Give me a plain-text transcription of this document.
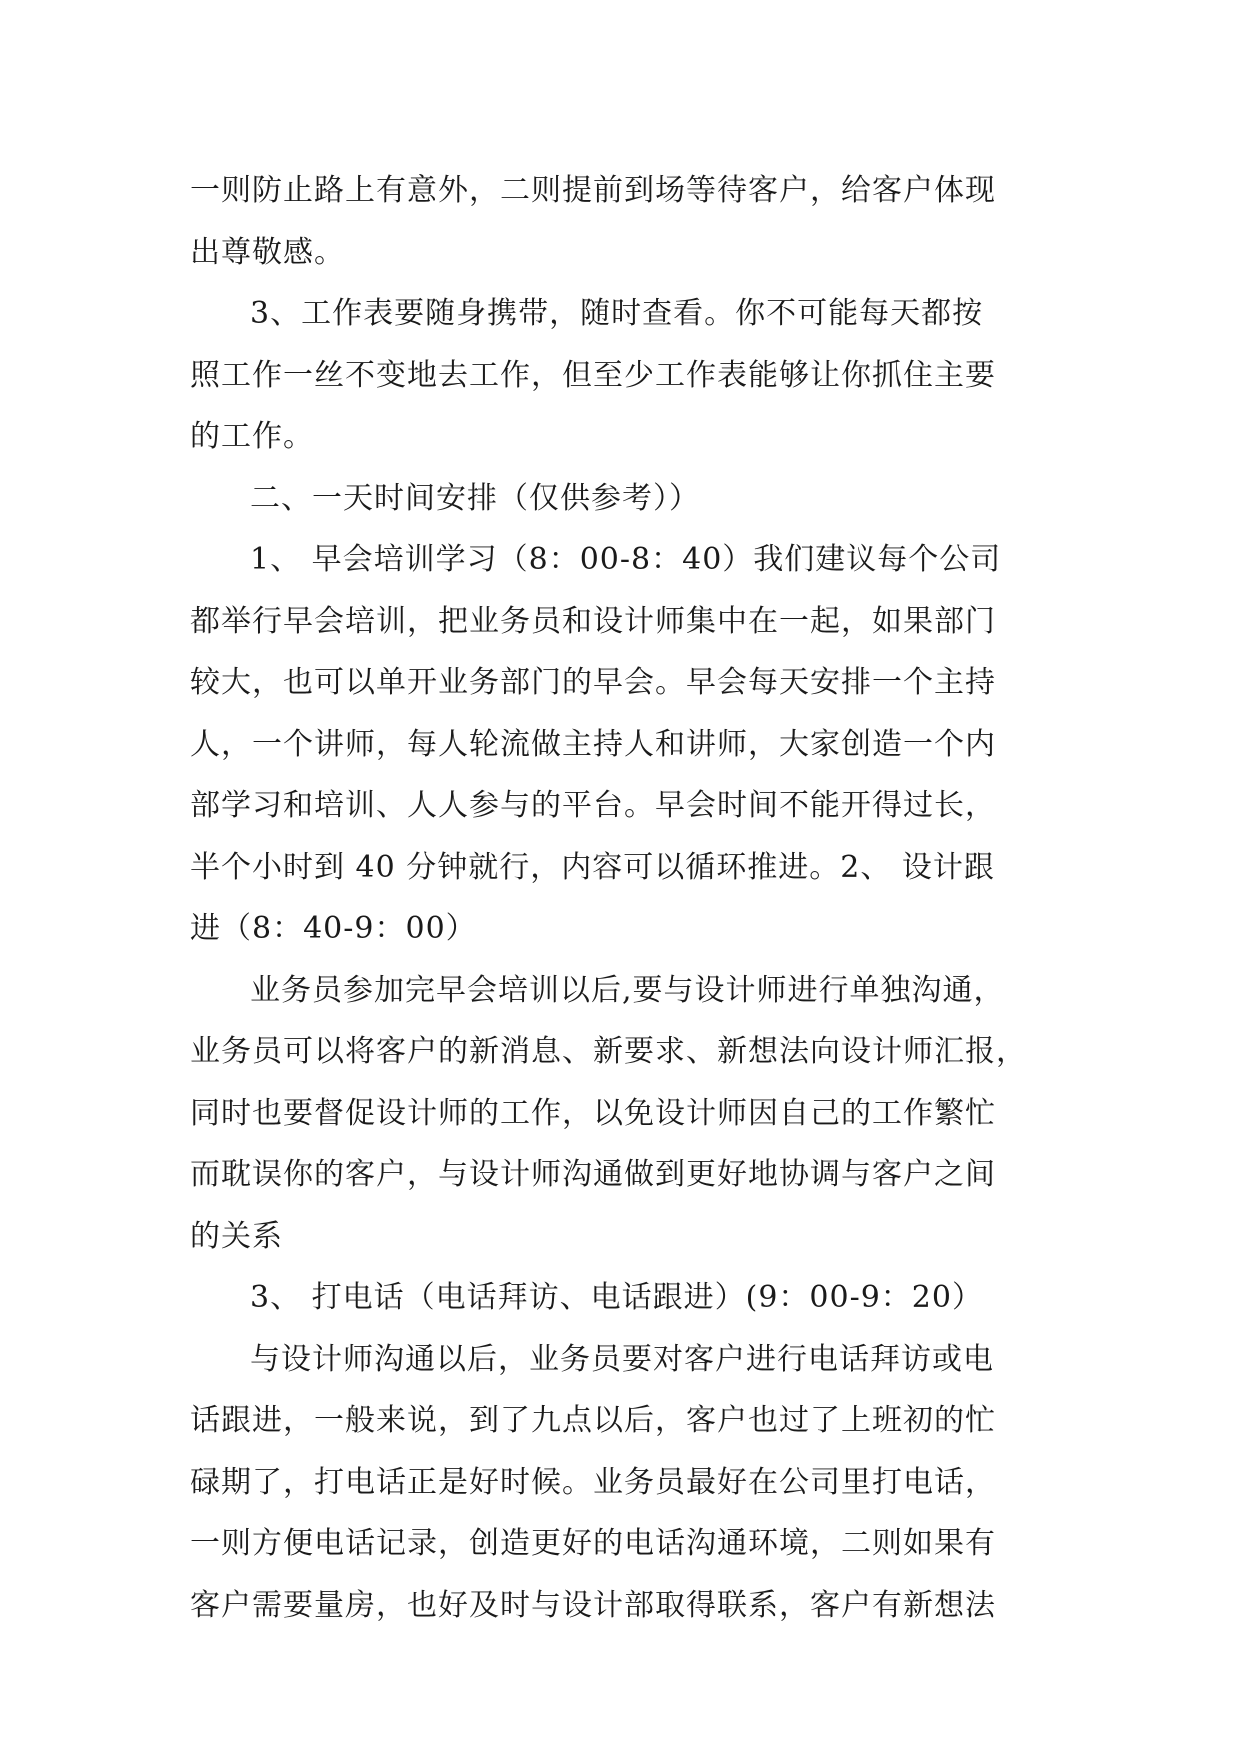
一则防止路上有意外，二则提前到场等待客户，给客户体现
出尊敬感。

3、工作表要随身携带，随时查看。你不可能每天都按
照工作一丝不变地去工作，但至少工作表能够让你抓住主要
的工作。

二、一天时间安排（仅供参考））

1、 早会培训学习（8：00-8：40）我们建议每个公司
都举行早会培训，把业务员和设计师集中在一起，如果部门
较大，也可以单开业务部门的早会。早会每天安排一个主持
人，一个讲师，每人轮流做主持人和讲师，大家创造一个内
部学习和培训、人人参与的平台。早会时间不能开得过长，
半个小时到 40 分钟就行，内容可以循环推进。2、 设计跟
进（8：40-9：00）

业务员参加完早会培训以后,要与设计师进行单独沟通，
业务员可以将客户的新消息、新要求、新想法向设计师汇报，
同时也要督促设计师的工作，以免设计师因自己的工作繁忙
而耽误你的客户，与设计师沟通做到更好地协调与客户之间
的关系

3、 打电话（电话拜访、电话跟进）(9：00-9：20）

与设计师沟通以后，业务员要对客户进行电话拜访或电
话跟进，一般来说，到了九点以后，客户也过了上班初的忙
碌期了，打电话正是好时候。业务员最好在公司里打电话，
一则方便电话记录，创造更好的电话沟通环境，二则如果有
客户需要量房，也好及时与设计部取得联系，客户有新想法
